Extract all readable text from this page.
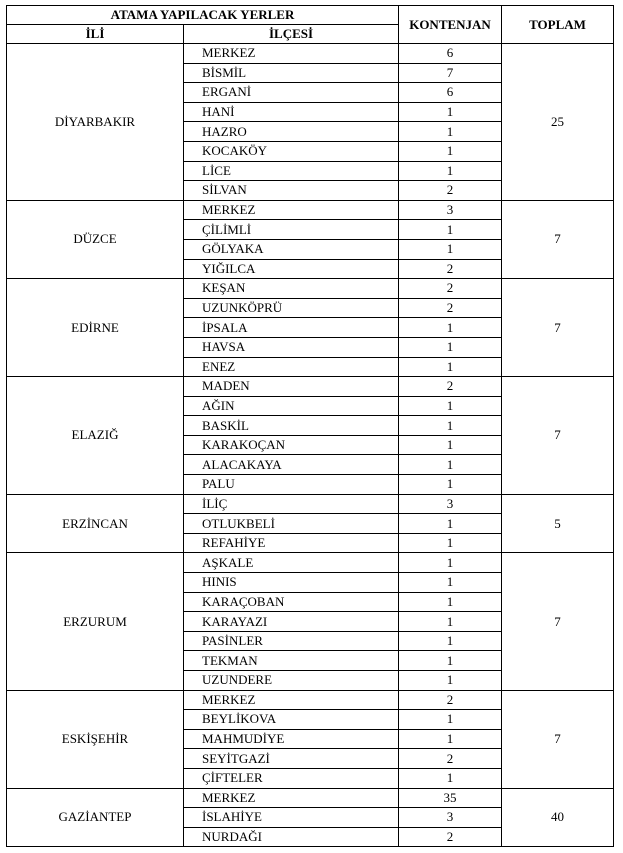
ATAMA YAPILACAK YERLER		KONTENJAN	TOPLAM
İLİ	İLÇESİ		
DİYARBAKIR	MERKEZ	6	25
	BİSMİL	7	
	ERGANİ	6	
	HANİ	1	
	HAZRO	1	
	KOCAKÖY	1	
	LİCE	1	
	SİLVAN	2	
DÜZCE	MERKEZ	3	7
	ÇİLİMLİ	1	
	GÖLYAKA	1	
	YIĞILCA	2	
EDİRNE	KEŞAN	2	7
	UZUNKÖPRÜ	2	
	İPSALA	1	
	HAVSA	1	
	ENEZ	1	
ELAZIĞ	MADEN	2	7
	AĞIN	1	
	BASKİL	1	
	KARAKOÇAN	1	
	ALACAKAYA	1	
	PALU	1	
ERZİNCAN	İLİÇ	3	5
	OTLUKBELİ	1	
	REFAHİYE	1	
ERZURUM	AŞKALE	1	7
	HINIS	1	
	KARAÇOBAN	1	
	KARAYAZI	1	
	PASİNLER	1	
	TEKMAN	1	
	UZUNDERE	1	
ESKİŞEHİR	MERKEZ	2	7
	BEYLİKOVA	1	
	MAHMUDİYE	1	
	SEYİTGAZİ	2	
	ÇİFTELER	1	
GAZİANTEP	MERKEZ	35	40
	İSLAHİYE	3	
	NURDAĞI	2	
